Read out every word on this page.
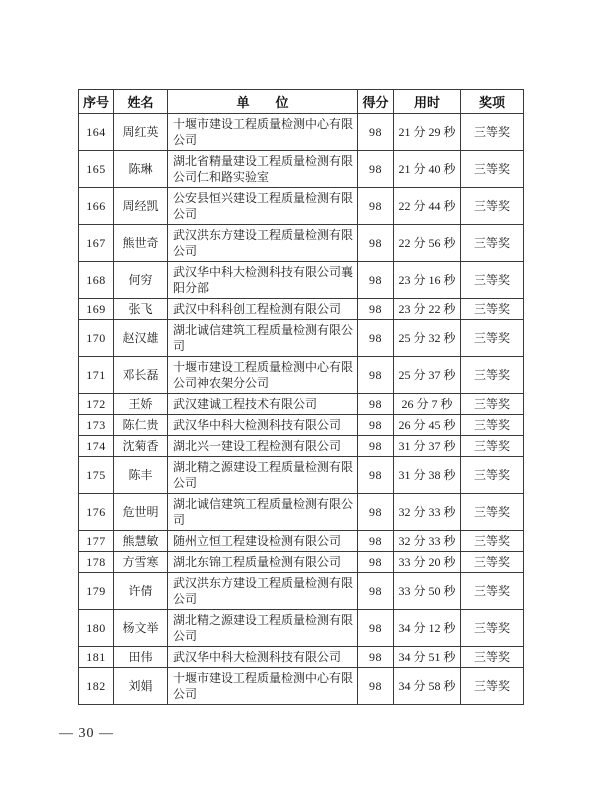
序号	姓名	单　　位	得分	用时	奖项
164	周红英	十堰市建设工程质量检测中心有限公司	98	21 分 29 秒	三等奖
165	陈琳	湖北省精量建设工程质量检测有限公司仁和路实验室	98	21 分 40 秒	三等奖
166	周经凯	公安县恒兴建设工程质量检测有限公司	98	22 分 44 秒	三等奖
167	熊世奇	武汉洪东方建设工程质量检测有限公司	98	22 分 56 秒	三等奖
168	何穷	武汉华中科大检测科技有限公司襄阳分部	98	23 分 16 秒	三等奖
169	张飞	武汉中科科创工程检测有限公司	98	23 分 22 秒	三等奖
170	赵汉雄	湖北诚信建筑工程质量检测有限公司	98	25 分 32 秒	三等奖
171	邓长磊	十堰市建设工程质量检测中心有限公司神农架分公司	98	25 分 37 秒	三等奖
172	王娇	武汉建诚工程技术有限公司	98	26 分 7 秒	三等奖
173	陈仁贵	武汉华中科大检测科技有限公司	98	26 分 45 秒	三等奖
174	沈菊香	湖北兴一建设工程检测有限公司	98	31 分 37 秒	三等奖
175	陈丰	湖北精之源建设工程质量检测有限公司	98	31 分 38 秒	三等奖
176	危世明	湖北诚信建筑工程质量检测有限公司	98	32 分 33 秒	三等奖
177	熊慧敏	随州立恒工程建设检测有限公司	98	32 分 33 秒	三等奖
178	方雪寒	湖北东锦工程质量检测有限公司	98	33 分 20 秒	三等奖
179	许倩	武汉洪东方建设工程质量检测有限公司	98	33 分 50 秒	三等奖
180	杨文举	湖北精之源建设工程质量检测有限公司	98	34 分 12 秒	三等奖
181	田伟	武汉华中科大检测科技有限公司	98	34 分 51 秒	三等奖
182	刘娟	十堰市建设工程质量检测中心有限公司	98	34 分 58 秒	三等奖
— 30 —
